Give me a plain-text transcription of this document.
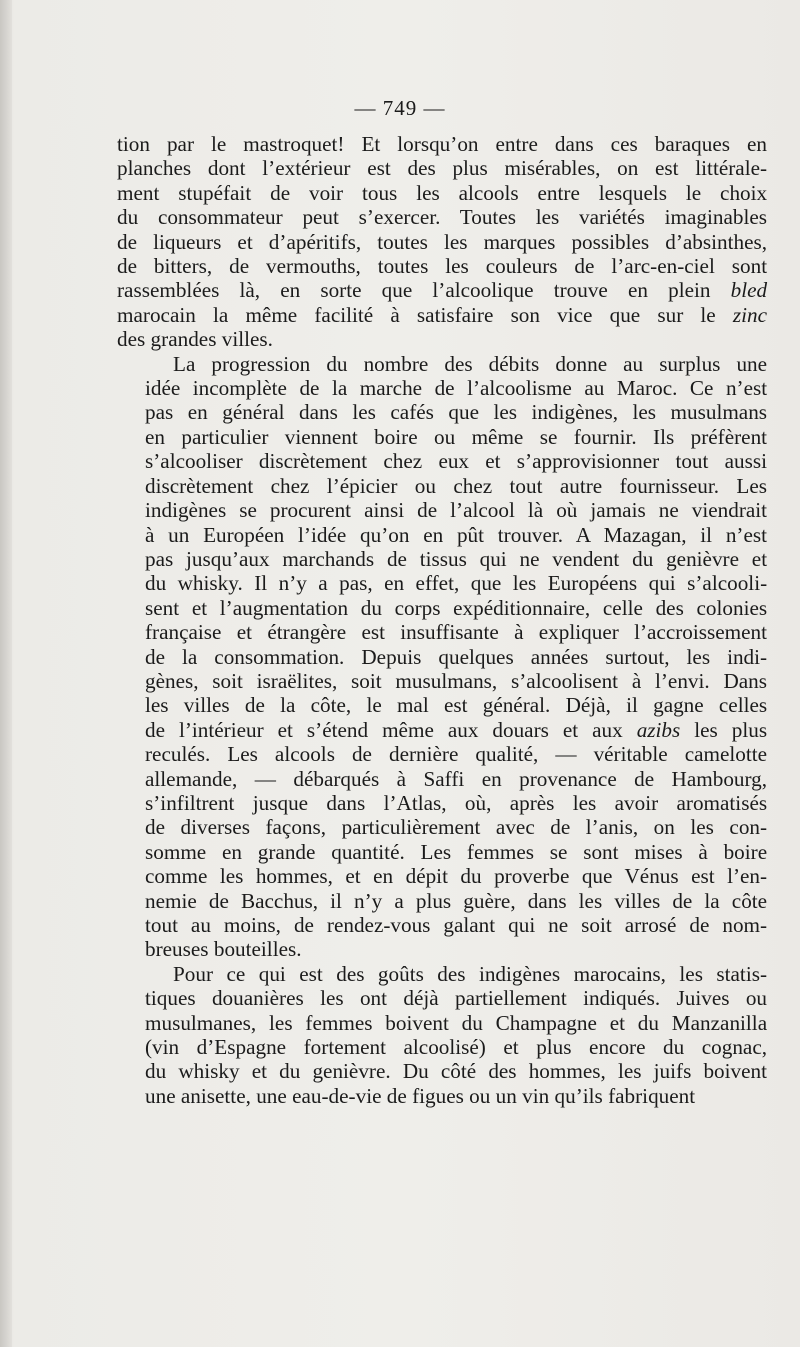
— 749 —

tion par le mastroquet! Et lorsqu’on entre dans ces baraques en
planches dont l’extérieur est des plus misérables, on est littérale-
ment stupéfait de voir tous les alcools entre lesquels le choix
du consommateur peut s’exercer. Toutes les variétés imaginables
de liqueurs et d’apéritifs, toutes les marques possibles d’absinthes,
de bitters, de vermouths, toutes les couleurs de l’arc-en-ciel sont
rassemblées là, en sorte que l’alcoolique trouve en plein bled
marocain la même facilité à satisfaire son vice que sur le zinc
des grandes villes.

La progression du nombre des débits donne au surplus une
idée incomplète de la marche de l’alcoolisme au Maroc. Ce n’est
pas en général dans les cafés que les indigènes, les musulmans
en particulier viennent boire ou même se fournir. Ils préfèrent
s’alcooliser discrètement chez eux et s’approvisionner tout aussi
discrètement chez l’épicier ou chez tout autre fournisseur. Les
indigènes se procurent ainsi de l’alcool là où jamais ne viendrait
à un Européen l’idée qu’on en pût trouver. A Mazagan, il n’est
pas jusqu’aux marchands de tissus qui ne vendent du genièvre et
du whisky. Il n’y a pas, en effet, que les Européens qui s’alcooli-
sent et l’augmentation du corps expéditionnaire, celle des colonies
française et étrangère est insuffisante à expliquer l’accroissement
de la consommation. Depuis quelques années surtout, les indi-
gènes, soit israëlites, soit musulmans, s’alcoolisent à l’envi. Dans
les villes de la côte, le mal est général. Déjà, il gagne celles
de l’intérieur et s’étend même aux douars et aux azibs les plus
reculés. Les alcools de dernière qualité, — véritable camelotte
allemande, — débarqués à Saffi en provenance de Hambourg,
s’infiltrent jusque dans l’Atlas, où, après les avoir aromatisés
de diverses façons, particulièrement avec de l’anis, on les con-
somme en grande quantité. Les femmes se sont mises à boire
comme les hommes, et en dépit du proverbe que Vénus est l’en-
nemie de Bacchus, il n’y a plus guère, dans les villes de la côte
tout au moins, de rendez-vous galant qui ne soit arrosé de nom-
breuses bouteilles.

Pour ce qui est des goûts des indigènes marocains, les statis-
tiques douanières les ont déjà partiellement indiqués. Juives ou
musulmanes, les femmes boivent du Champagne et du Manzanilla
(vin d’Espagne fortement alcoolisé) et plus encore du cognac,
du whisky et du genièvre. Du côté des hommes, les juifs boivent
une anisette, une eau-de-vie de figues ou un vin qu’ils fabriquent
